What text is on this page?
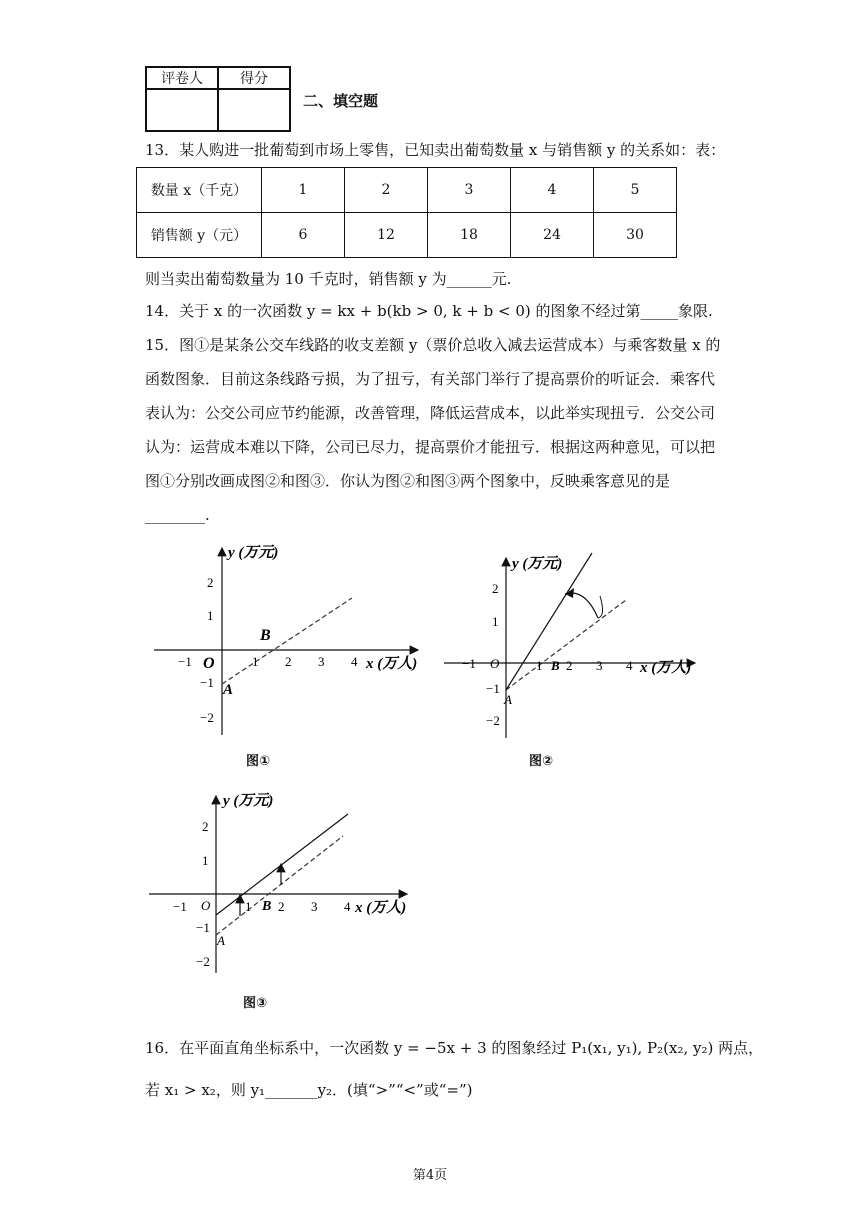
评卷人	得分

二、填空题
13．某人购进一批葡萄到市场上零售，已知卖出葡萄数量 x 与销售额 y 的关系如：表：
数量 x（千克）	1	2	3	4	5
销售额 y（元）	6	12	18	24	30
则当卖出葡萄数量为 10 千克时，销售额 y 为______元.
14．关于 x 的一次函数 y = kx + b(kb > 0, k + b < 0) 的图象不经过第_____象限.
15．图①是某条公交车线路的收支差额 y（票价总收入减去运营成本）与乘客数量 x 的
函数图象．目前这条线路亏损，为了扭亏，有关部门举行了提高票价的听证会．乘客代
表认为：公交公司应节约能源，改善管理，降低运营成本，以此举实现扭亏．公交公司
认为：运营成本难以下降，公司已尽力，提高票价才能扭亏．根据这两种意见，可以把
图①分别改画成图②和图③．你认为图②和图③两个图象中，反映乘客意见的是
________.
y (万元)
x (万人)
O
A
B
−1	1 2 3 4
2
1
−1
−2
图①
y (万元)
x (万人)
O
A
B
−1	1 2 3 4
2
1
−1
−2
图②
y (万元)
x (万人)
O
A
B
−1	1 2 3 4
2
1
−1
−2
图③
16．在平面直角坐标系中，一次函数 y = −5x + 3 的图象经过 P₁(x₁, y₁), P₂(x₂, y₂) 两点，
若 x₁ > x₂，则 y₁_______y₂．(填“>”“<”或“=”)
第4页
